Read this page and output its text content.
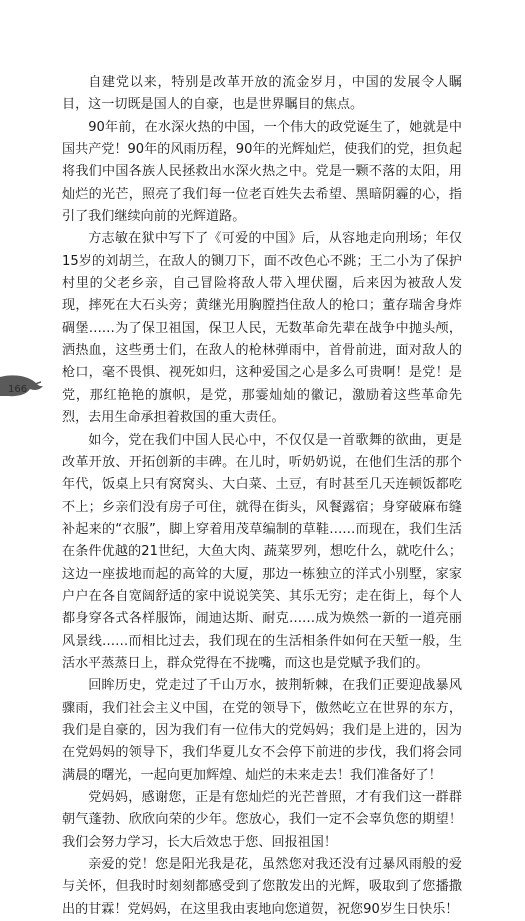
自建党以来，特别是改革开放的流金岁月，中国的发展令人瞩目，这一切既是国人的自豪，也是世界瞩目的焦点。

90年前，在水深火热的中国，一个伟大的政党诞生了，她就是中国共产党！90年的风雨历程，90年的光辉灿烂，使我们的党，担负起将我们中国各族人民拯救出水深火热之中。党是一颗不落的太阳，用灿烂的光芒，照亮了我们每一位老百姓失去希望、黑暗阴霾的心，指引了我们继续向前的光辉道路。

方志敏在狱中写下了《可爱的中国》后，从容地走向刑场；年仅15岁的刘胡兰，在敌人的铡刀下，面不改色心不跳；王二小为了保护村里的父老乡亲，自己冒险将敌人带入埋伏圈，后来因为被敌人发现，摔死在大石头旁；黄继光用胸膛挡住敌人的枪口；董存瑞舍身炸碉堡……为了保卫祖国，保卫人民，无数革命先辈在战争中抛头颅，洒热血，这些勇士们，在敌人的枪林弹雨中，首骨前进，面对敌人的枪口，毫不畏惧、视死如归，这种爱国之心是多么可贵啊！是党！是党，那红艳艳的旗帜，是党，那霎灿灿的徽记，激励着这些革命先烈，去用生命承担着救国的重大责任。

如今，党在我们中国人民心中，不仅仅是一首歌舞的欲曲，更是改革开放、开拓创新的丰碑。在儿时，听奶奶说，在他们生活的那个年代，饭桌上只有窝窝头、大白菜、土豆，有时甚至几天连顿饭都吃不上；乡亲们没有房子可住，就得在街头，风餐露宿；身穿破麻布缝补起来的“衣服”，脚上穿着用茂草编制的草鞋……而现在，我们生活在条件优越的21世纪，大鱼大肉、蔬菜罗列，想吃什么，就吃什么；这边一座拔地而起的高耸的大厦，那边一栋独立的洋式小别墅，家家户户在各自宽阔舒适的家中说说笑笑、其乐无穷；走在街上，每个人都身穿各式各样服饰，闹迪达斯、耐克……成为焕然一新的一道亮丽风景线……而相比过去，我们现在的生活相条件如何在天堑一般，生活水平蒸蒸日上，群众党得在不拢嘴，而这也是党赋予我们的。

回眸历史，党走过了千山万水，披荆斩棘，在我们正要迎战暴风骤雨，我们社会主义中国，在党的领导下，傲然屹立在世界的东方，我们是自豪的，因为我们有一位伟大的党妈妈；我们是上进的，因为在党妈妈的领导下，我们华夏儿女不会停下前进的步伐，我们将会同满晨的曙光，一起向更加辉煌、灿烂的未来走去！我们准备好了！

党妈妈，感谢您，正是有您灿烂的光芒普照，才有我们这一群群朝气蓬勃、欣欣向荣的少年。您放心，我们一定不会辜负您的期望！我们会努力学习，长大后效忠于您、回报祖国！

亲爱的党！您是阳光我是花，虽然您对我还没有过暴风雨般的爱与关怀，但我时时刻刻都感受到了您散发出的光辉，吸取到了您播撒出的甘霖！党妈妈，在这里我由衷地向您道贺，祝您90岁生日快乐！

166
